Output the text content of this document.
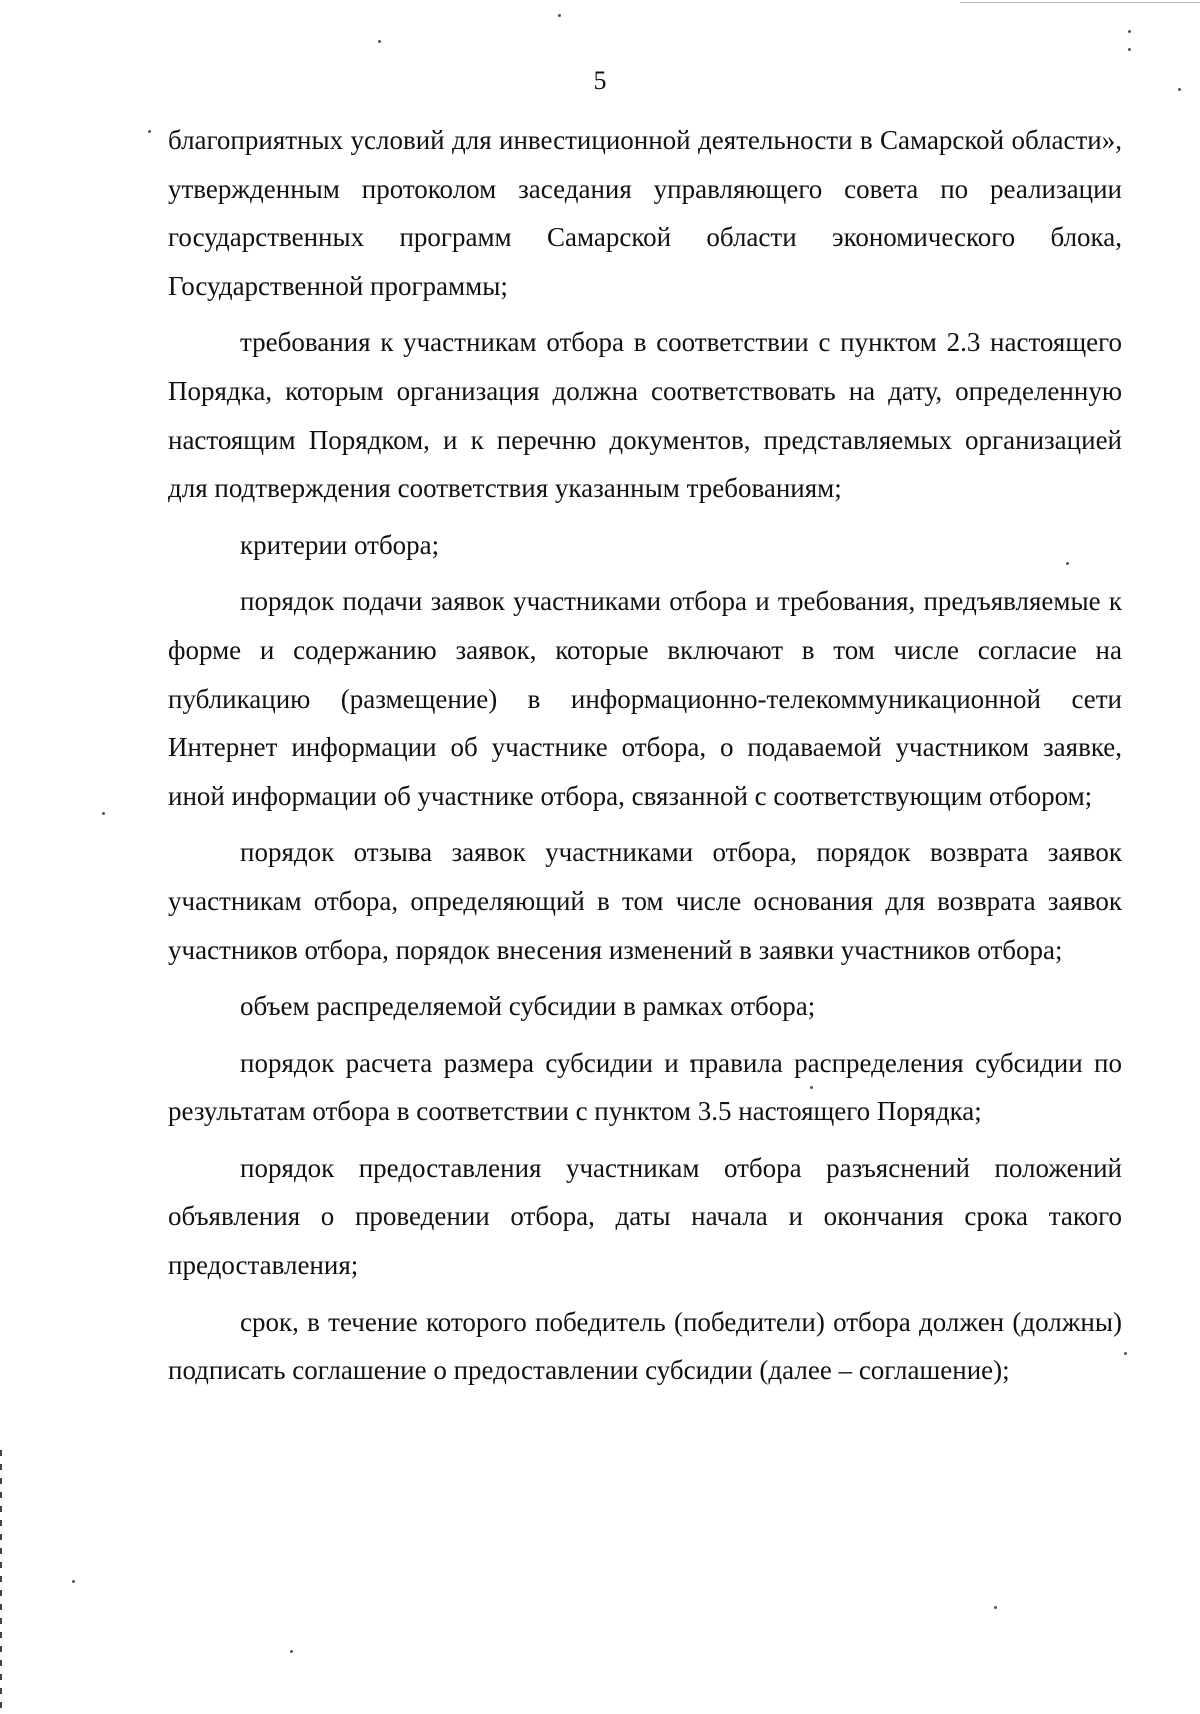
5

благоприятных условий для инвестиционной деятельности в Самарской области», утвержденным протоколом заседания управляющего совета по реализации государственных программ Самарской области экономического блока, Государственной программы;

требования к участникам отбора в соответствии с пунктом 2.3 настоящего Порядка, которым организация должна соответствовать на дату, определенную настоящим Порядком, и к перечню документов, представляемых организацией для подтверждения соответствия указанным требованиям;

критерии отбора;

порядок подачи заявок участниками отбора и требования, предъявляемые к форме и содержанию заявок, которые включают в том числе согласие на публикацию (размещение) в информационно-телекоммуникационной сети Интернет информации об участнике отбора, о подаваемой участником заявке, иной информации об участнике отбора, связанной с соответствующим отбором;

порядок отзыва заявок участниками отбора, порядок возврата заявок участникам отбора, определяющий в том числе основания для возврата заявок участников отбора, порядок внесения изменений в заявки участников отбора;

объем распределяемой субсидии в рамках отбора;

порядок расчета размера субсидии и правила распределения субсидии по результатам отбора в соответствии с пунктом 3.5 настоящего Порядка;

порядок предоставления участникам отбора разъяснений положений объявления о проведении отбора, даты начала и окончания срока такого предоставления;

срок, в течение которого победитель (победители) отбора должен (должны) подписать соглашение о предоставлении субсидии (далее – соглашение);
